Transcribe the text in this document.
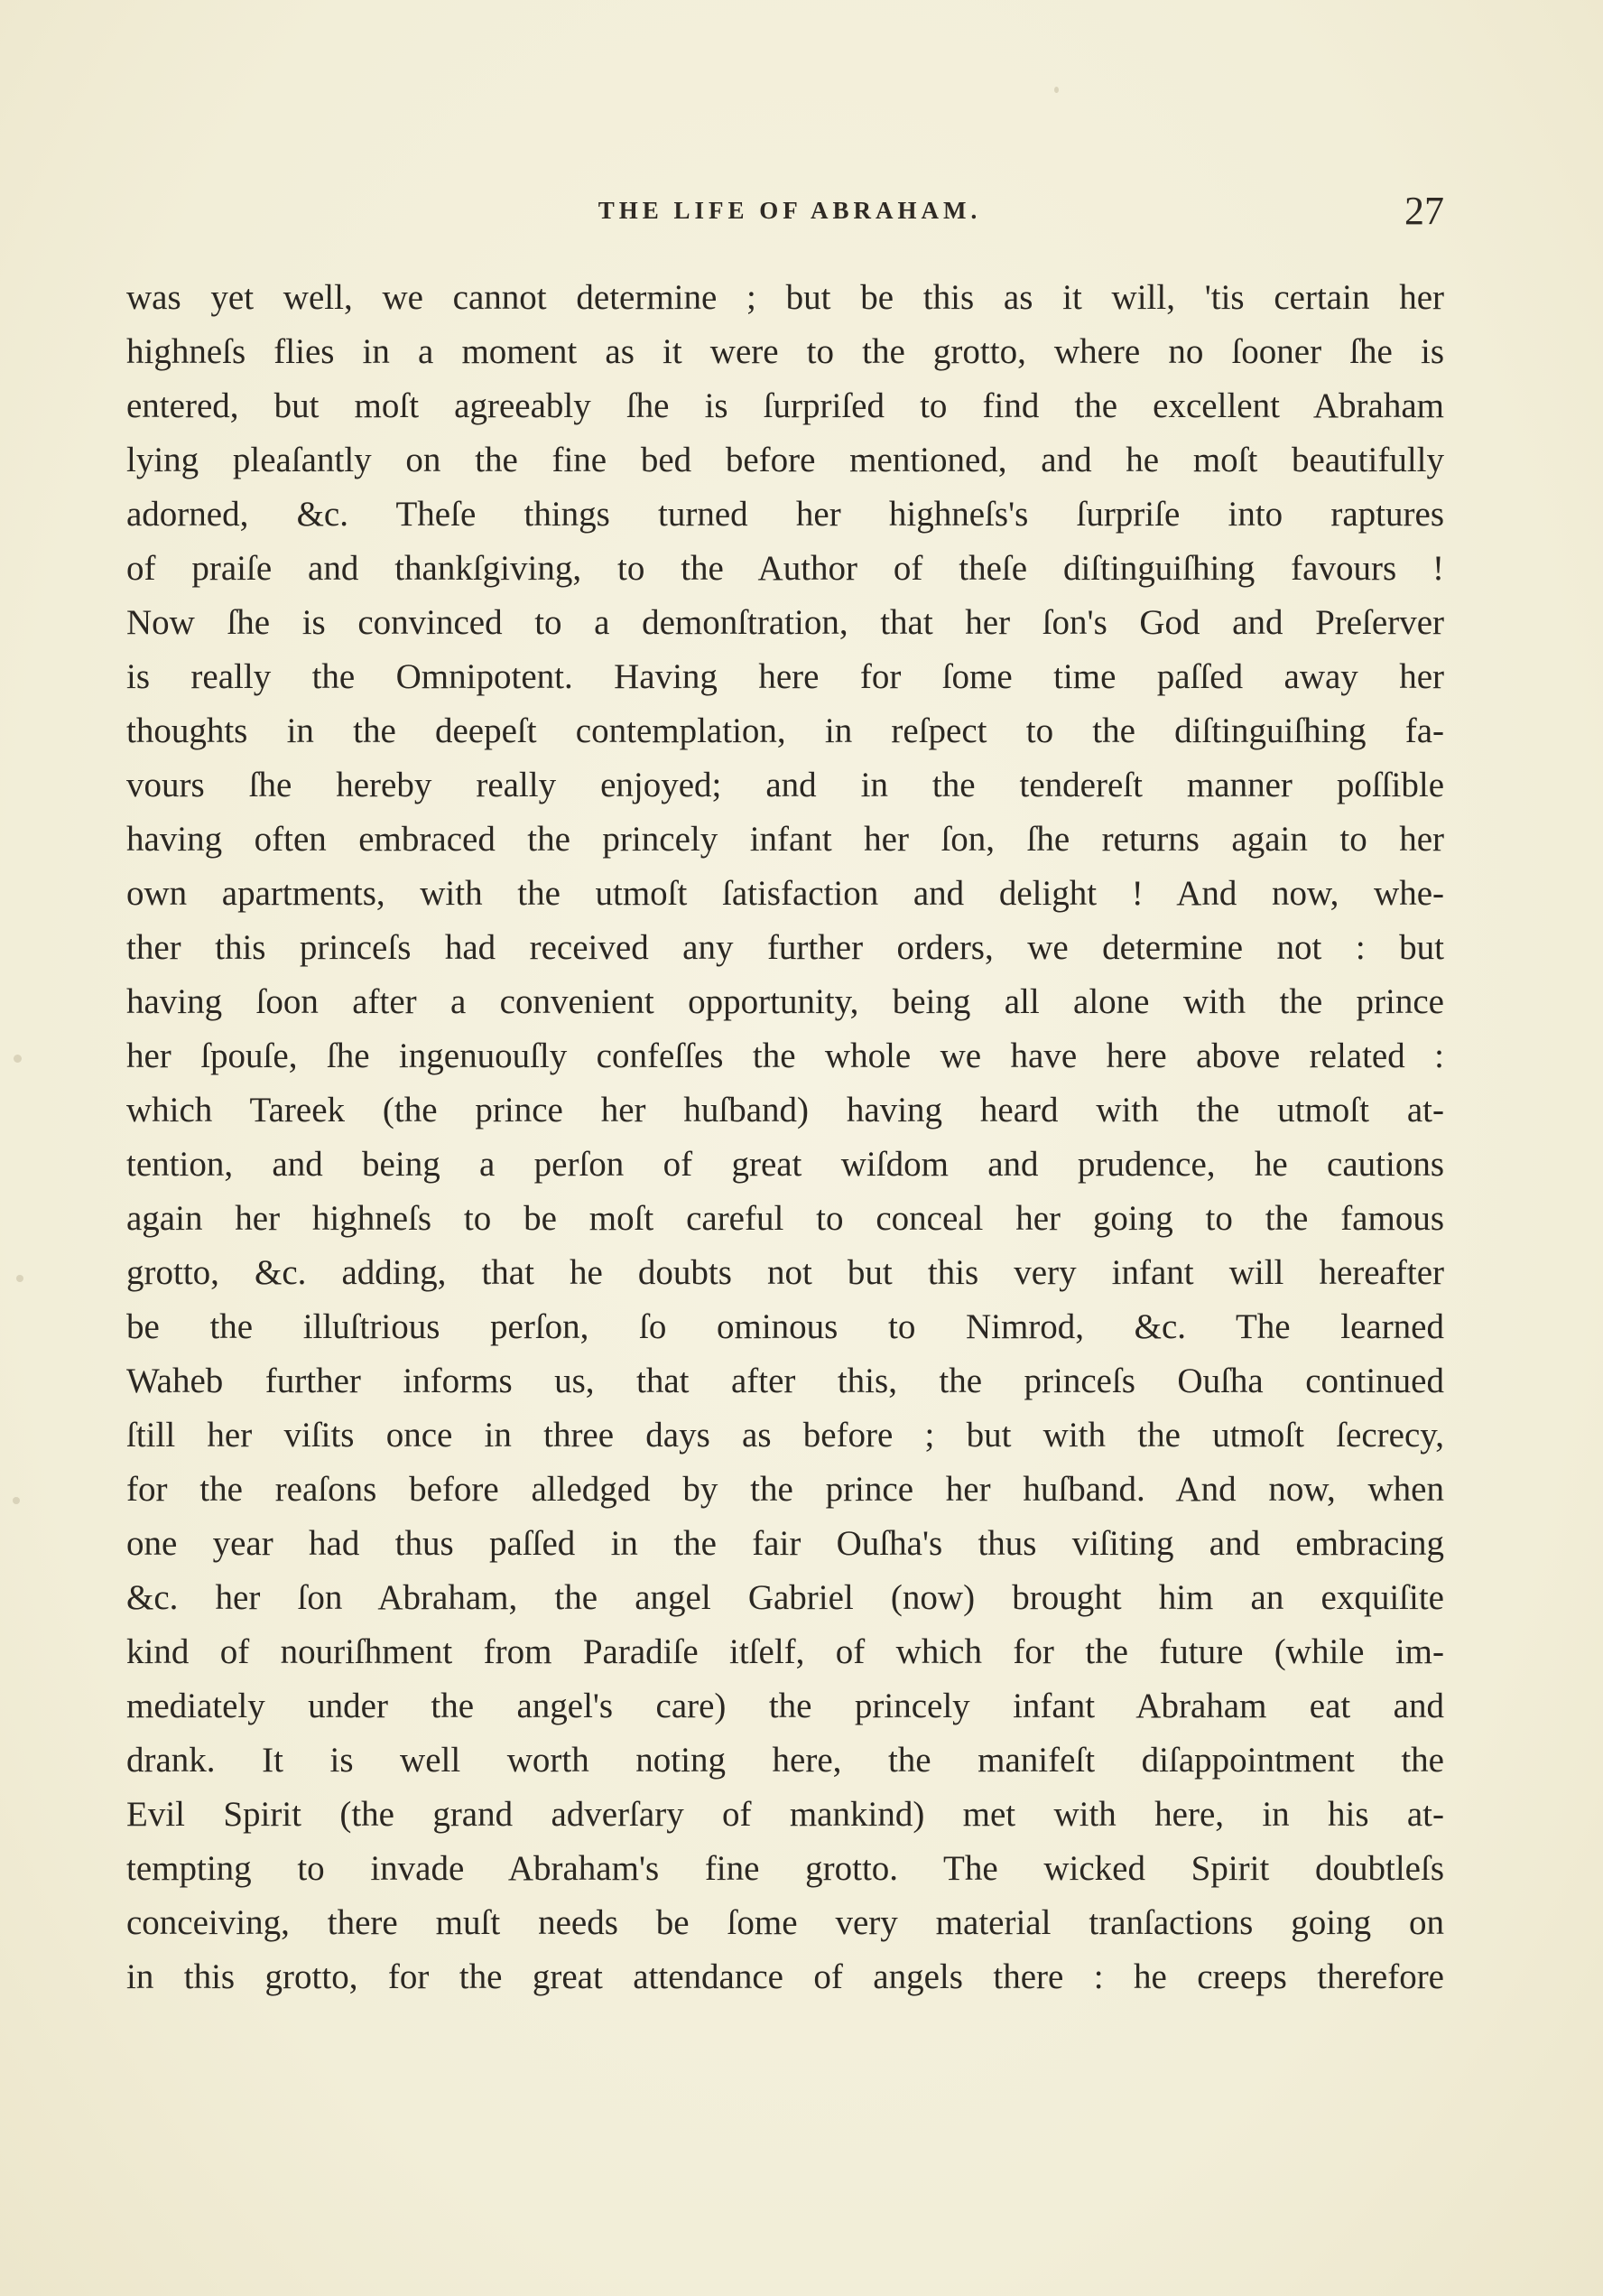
THE LIFE OF ABRAHAM.	27
was yet well, we cannot determine ; but be this as it will, 'tis certain her
highneſs flies in a moment as it were to the grotto, where no ſooner ſhe is
entered, but moſt agreeably ſhe is ſurpriſed to find the excellent Abraham
lying pleaſantly on the fine bed before mentioned, and he moſt beautifully
adorned, &c. Theſe things turned her highneſs's ſurpriſe into raptures
of praiſe and thankſgiving, to the Author of theſe diſtinguiſhing favours !
Now ſhe is convinced to a demonſtration, that her ſon's God and Preſerver
is really the Omnipotent. Having here for ſome time paſſed away her
thoughts in the deepeſt contemplation, in reſpect to the diſtinguiſhing fa-
vours ſhe hereby really enjoyed; and in the tendereſt manner poſſible
having often embraced the princely infant her ſon, ſhe returns again to her
own apartments, with the utmoſt ſatisfaction and delight ! And now, whe-
ther this princeſs had received any further orders, we determine not : but
having ſoon after a convenient opportunity, being all alone with the prince
her ſpouſe, ſhe ingenuouſly confeſſes the whole we have here above related :
which Tareek (the prince her huſband) having heard with the utmoſt at-
tention, and being a perſon of great wiſdom and prudence, he cautions
again her highneſs to be moſt careful to conceal her going to the famous
grotto, &c. adding, that he doubts not but this very infant will hereafter
be the illuſtrious perſon, ſo ominous to Nimrod, &c. The learned
Waheb further informs us, that after this, the princeſs Ouſha continued
ſtill her viſits once in three days as before ; but with the utmoſt ſecrecy,
for the reaſons before alledged by the prince her huſband. And now, when
one year had thus paſſed in the fair Ouſha's thus viſiting and embracing
&c. her ſon Abraham, the angel Gabriel (now) brought him an exquiſite
kind of nouriſhment from Paradiſe itſelf, of which for the future (while im-
mediately under the angel's care) the princely infant Abraham eat and
drank. It is well worth noting here, the manifeſt diſappointment the
Evil Spirit (the grand adverſary of mankind) met with here, in his at-
tempting to invade Abraham's fine grotto. The wicked Spirit doubtleſs
conceiving, there muſt needs be ſome very material tranſactions going on
in this grotto, for the great attendance of angels there : he creeps therefore
